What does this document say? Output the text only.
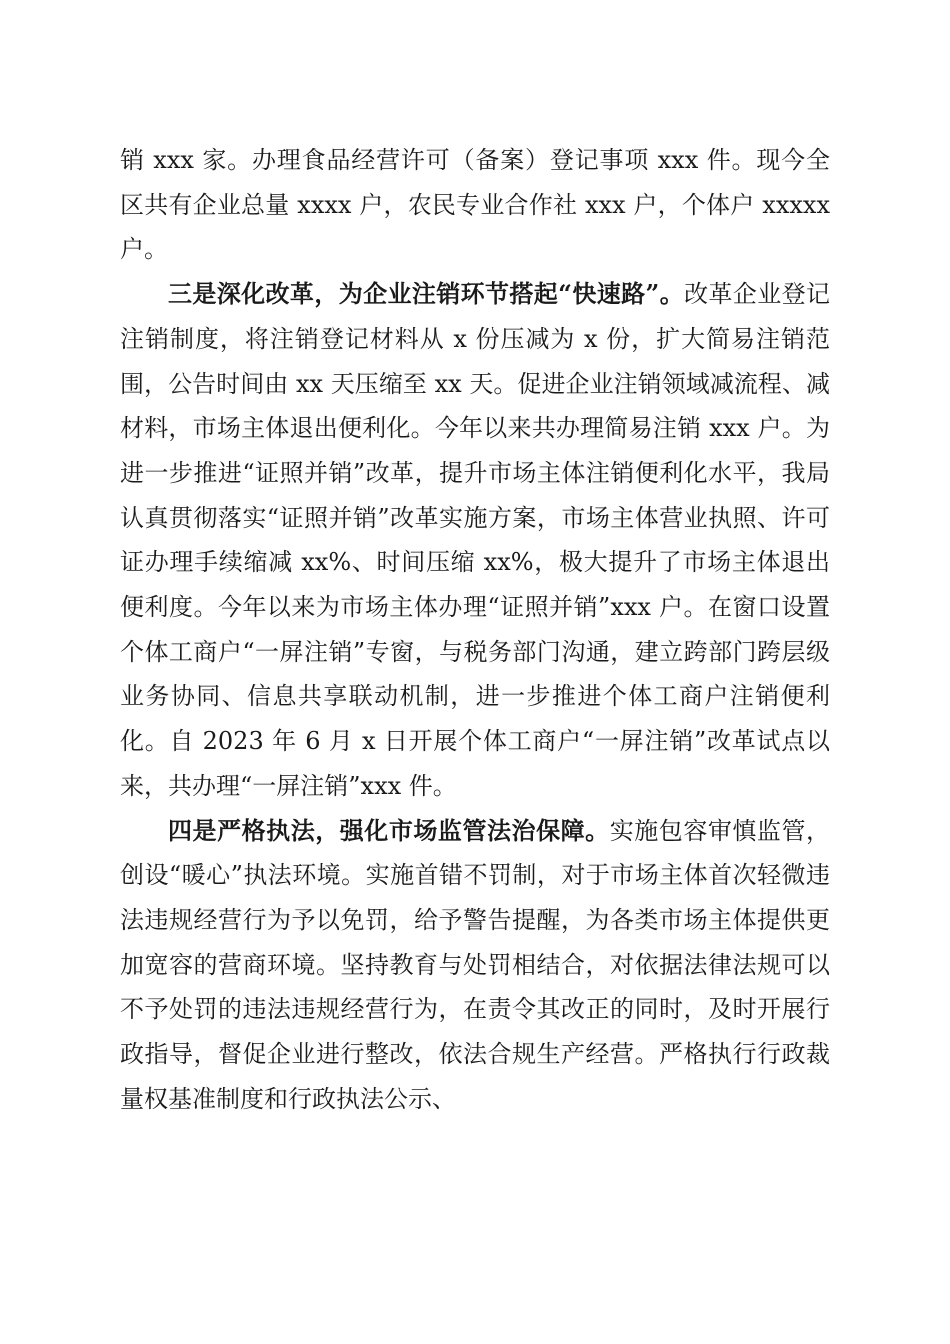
销 xxx 家。办理食品经营许可（备案）登记事项 xxx 件。现今全区共有企业总量 xxxx 户，农民专业合作社 xxx 户，个体户 xxxxx 户。

三是深化改革，为企业注销环节搭起“快速路”。改革企业登记注销制度，将注销登记材料从 x 份压减为 x 份，扩大简易注销范围，公告时间由 xx 天压缩至 xx 天。促进企业注销领域减流程、减材料，市场主体退出便利化。今年以来共办理简易注销 xxx 户。为进一步推进“证照并销”改革，提升市场主体注销便利化水平，我局认真贯彻落实“证照并销”改革实施方案，市场主体营业执照、许可证办理手续缩减 xx%、时间压缩 xx%，极大提升了市场主体退出便利度。今年以来为市场主体办理“证照并销”xxx 户。在窗口设置个体工商户“一屏注销”专窗，与税务部门沟通，建立跨部门跨层级业务协同、信息共享联动机制，进一步推进个体工商户注销便利化。自 2023 年 6 月 x 日开展个体工商户“一屏注销”改革试点以来，共办理“一屏注销”xxx 件。

四是严格执法，强化市场监管法治保障。实施包容审慎监管，创设“暖心”执法环境。实施首错不罚制，对于市场主体首次轻微违法违规经营行为予以免罚，给予警告提醒，为各类市场主体提供更加宽容的营商环境。坚持教育与处罚相结合，对依据法律法规可以不予处罚的违法违规经营行为，在责令其改正的同时，及时开展行政指导，督促企业进行整改，依法合规生产经营。严格执行行政裁量权基准制度和行政执法公示、
